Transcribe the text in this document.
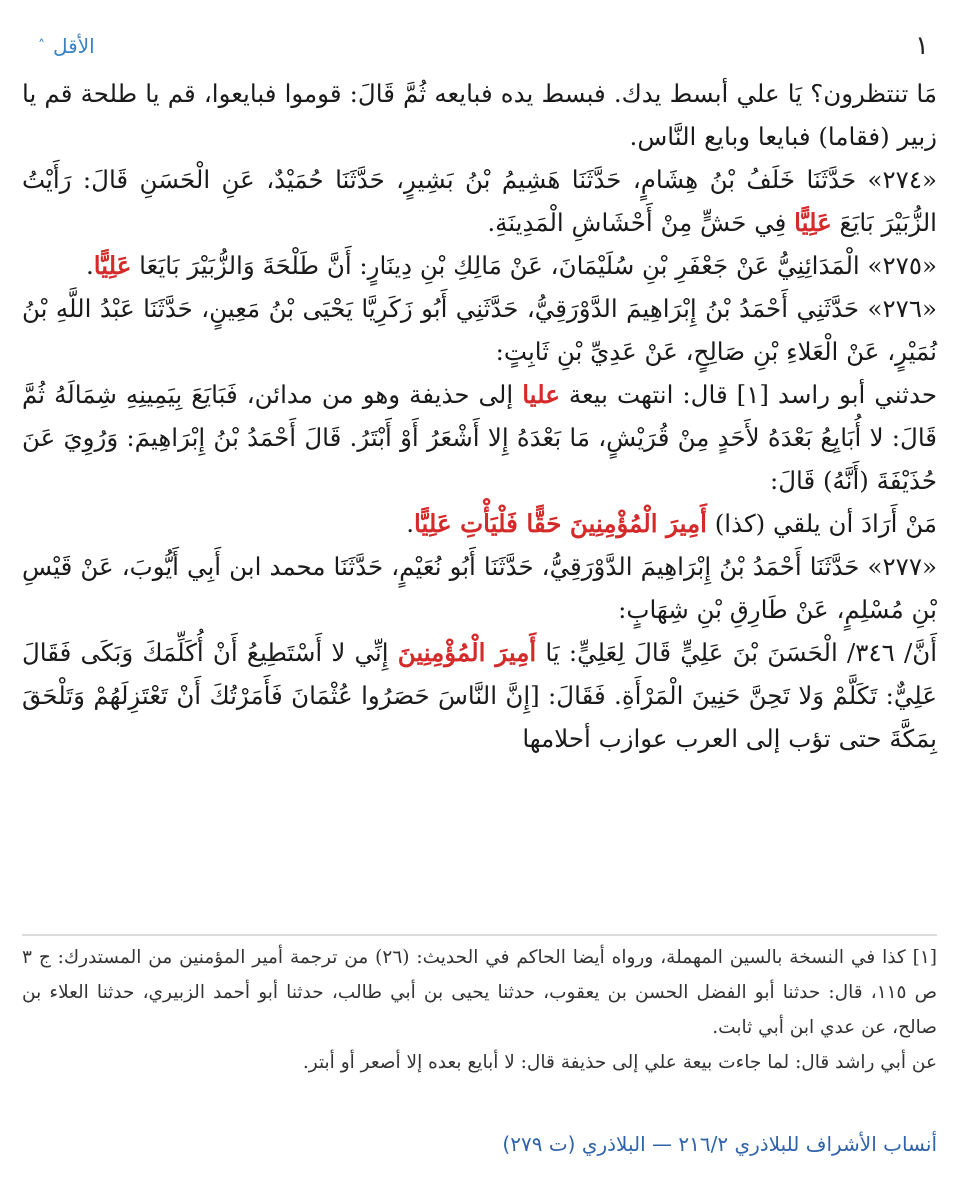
١
الأقل
˄

مَا تنتظرون؟ يَا علي أبسط يدك. فبسط يده فبايعه ثُمَّ قَالَ: قوموا فبايعوا، قم يا طلحة قم يا زبير (فقاما) فبايعا وبايع النَّاس.

«٢٧٤» حَدَّثَنَا خَلَفُ بْنُ هِشَامٍ، حَدَّثَنَا هَشِيمُ بْنُ بَشِيرٍ، حَدَّثَنَا حُمَيْدٌ، عَنِ الْحَسَنِ قَالَ: رَأَيْتُ الزُّبَيْرَ بَايَعَ عَلِيًّا فِي حَشٍّ مِنْ أَحْشَاشِ الْمَدِينَةِ.

«٢٧٥» الْمَدَائِنِيُّ عَنْ جَعْفَرِ بْنِ سُلَيْمَانَ، عَنْ مَالِكِ بْنِ دِينَارٍ: أَنَّ طَلْحَةَ وَالزُّبَيْرَ بَايَعَا عَلِيًّا.

«٢٧٦» حَدَّثَنِي أَحْمَدُ بْنُ إِبْرَاهِيمَ الدَّوْرَقِيُّ، حَدَّثَنِي أَبُو زَكَرِيَّا يَحْيَى بْنُ مَعِينٍ، حَدَّثَنَا عَبْدُ اللَّهِ بْنُ نُمَيْرٍ، عَنْ الْعَلاءِ بْنِ صَالِحٍ، عَنْ عَدِيِّ بْنِ ثَابِتٍ:

حدثني أبو راسد [١] قال: انتهت بيعة عليا إلى حذيفة وهو من مدائن، فَبَايَعَ بِيَمِينِهِ شِمَالَهُ ثُمَّ قَالَ: لا أُبَايِعُ بَعْدَهُ لأَحَدٍ مِنْ قُرَيْشٍ، مَا بَعْدَهُ إِلا أَشْعَرُ أَوْ أَبْتَرُ. قَالَ أَحْمَدُ بْنُ إِبْرَاهِيمَ: وَرُوِيَ عَنَ حُذَيْفَةَ (أَنَّهُ) قَالَ:

مَنْ أَرَادَ أن يلقي (كذا) أَمِيرَ الْمُؤْمِنِينَ حَقًّا فَلْيَأْتِ عَلِيًّا.

«٢٧٧» حَدَّثَنَا أَحْمَدُ بْنُ إِبْرَاهِيمَ الدَّوْرَقِيُّ، حَدَّثَنَا أَبُو نُعَيْمٍ، حَدَّثَنَا محمد ابن أَبِي أَيُّوبَ، عَنْ قَيْسِ بْنِ مُسْلِمٍ، عَنْ طَارِقِ بْنِ شِهَابٍ:

أَنَّ/ ٣٤٦/ الْحَسَنَ بْنَ عَلِيٍّ قَالَ لِعَلِيٍّ: يَا أَمِيرَ الْمُؤْمِنِينَ إِنِّي لا أَسْتَطِيعُ أَنْ أُكَلِّمَكَ وَبَكَى فَقَالَ عَلِيٌّ: تَكَلَّمْ وَلا تَحِنَّ حَنِينَ الْمَرْأَةِ. فَقَالَ: [إِنَّ النَّاسَ حَصَرُوا عُثْمَانَ فَأَمَرْتُكَ أَنْ تَعْتَزِلَهُمْ وَتَلْحَقَ بِمَكَّةَ حتى تؤب إلى العرب عوازب أحلامها

[١] كذا في النسخة بالسين المهملة، ورواه أيضا الحاكم في الحديث: (٢٦) من ترجمة أمير المؤمنين من المستدرك: ج ٣ ص ١١٥، قال: حدثنا أبو الفضل الحسن بن يعقوب، حدثنا يحيى بن أبي طالب، حدثنا أبو أحمد الزبيري، حدثنا العلاء بن صالح، عن عدي ابن أبي ثابت.

عن أبي راشد قال: لما جاءت بيعة علي إلى حذيفة قال: لا أبايع بعده إلا أصعر أو أبتر.

أنساب الأشراف للبلاذري ٢١٦/٢ — البلاذري (ت ٢٧٩)
